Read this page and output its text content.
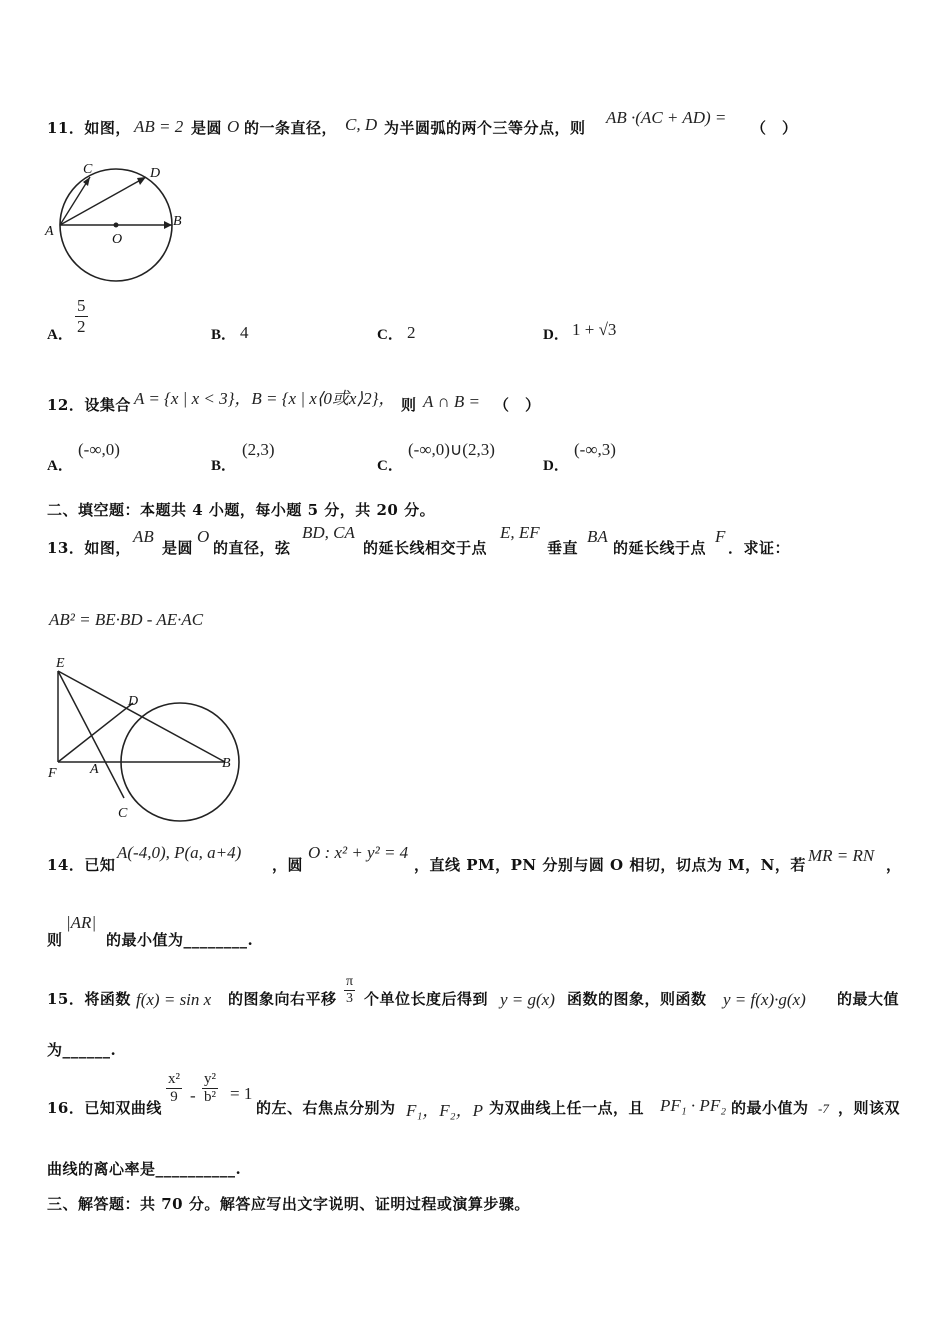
11．如图， AB = 2 是圆 O 的一条直径， C, D 为半圆弧的两个三等分点，则
AB ·(AC + AD) =
（　）
A
B
C	D
O
A． $\frac{5}{2}$	B． 4	C． 2	D． 1 + √3
12．设集合 A = {x | x < 3}，B = {x | x⟨0或x⟩2}， 则 A ∩ B = （　）
A．
(-∞,0)
B．
(2,3)
C．
(-∞,0)∪(2,3)
D．
(-∞,3)
二、填空题：本题共 4 小题，每小题 5 分，共 20 分。
13．如图，
AB
是圆
O
的直径，弦
BD, CA
的延长线相交于点
E, EF
垂直
BA
的延长线于点
F
．求证：
AB² = BE·BD - AE·AC
E
D
F A	B
C
14．已知
A(-4,0), P(a, a+4)
，圆
O : x² + y² = 4
，直线 PM，PN 分别与圆 O 相切，切点为 M，N，若 MR = RN ，
则
|AR|
的最小值为________.
15．将函数 f(x) = sin x 的图象向右平移 $\frac{\pi}{3}$ 个单位长度后得到 y = g(x) 函数的图象，则函数 y = f(x)·g(x) 的最大值
为______.
16．已知双曲线
$\frac{\text{x²}}{9} - \frac{\text{y²}}{\text{b²}} = 1$
的左、右焦点分别为 F₁，F₂，P 为双曲线上任一点，且 PF₁ · PF₂ 的最小值为 -7 ，则该双
曲线的离心率是__________.
三、解答题：共 70 分。解答应写出文字说明、证明过程或演算步骤。
